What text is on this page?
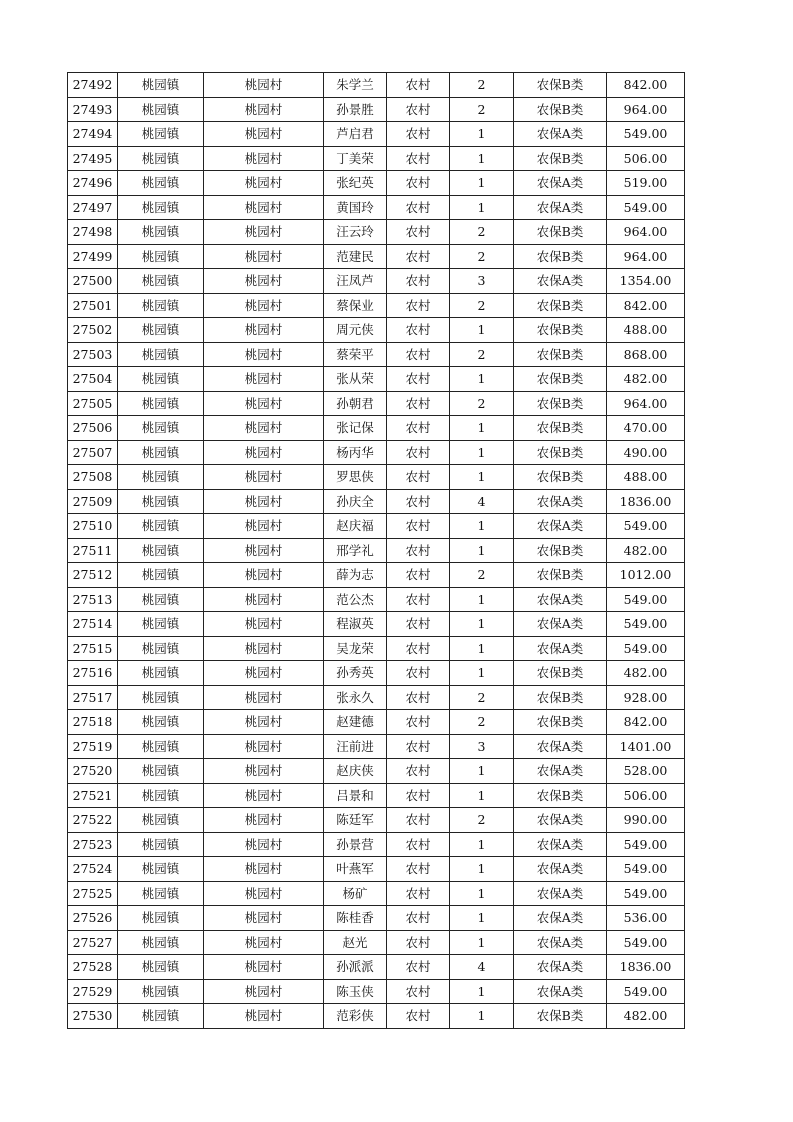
27492	桃园镇	桃园村	朱学兰	农村	2	农保B类	842.00
27493	桃园镇	桃园村	孙景胜	农村	2	农保B类	964.00
27494	桃园镇	桃园村	芦启君	农村	1	农保A类	549.00
27495	桃园镇	桃园村	丁美荣	农村	1	农保B类	506.00
27496	桃园镇	桃园村	张纪英	农村	1	农保A类	519.00
27497	桃园镇	桃园村	黄国玲	农村	1	农保A类	549.00
27498	桃园镇	桃园村	汪云玲	农村	2	农保B类	964.00
27499	桃园镇	桃园村	范建民	农村	2	农保B类	964.00
27500	桃园镇	桃园村	汪凤芦	农村	3	农保A类	1354.00
27501	桃园镇	桃园村	蔡保业	农村	2	农保B类	842.00
27502	桃园镇	桃园村	周元侠	农村	1	农保B类	488.00
27503	桃园镇	桃园村	蔡荣平	农村	2	农保B类	868.00
27504	桃园镇	桃园村	张从荣	农村	1	农保B类	482.00
27505	桃园镇	桃园村	孙朝君	农村	2	农保B类	964.00
27506	桃园镇	桃园村	张记保	农村	1	农保B类	470.00
27507	桃园镇	桃园村	杨丙华	农村	1	农保B类	490.00
27508	桃园镇	桃园村	罗思侠	农村	1	农保B类	488.00
27509	桃园镇	桃园村	孙庆全	农村	4	农保A类	1836.00
27510	桃园镇	桃园村	赵庆福	农村	1	农保A类	549.00
27511	桃园镇	桃园村	邢学礼	农村	1	农保B类	482.00
27512	桃园镇	桃园村	薛为志	农村	2	农保B类	1012.00
27513	桃园镇	桃园村	范公杰	农村	1	农保A类	549.00
27514	桃园镇	桃园村	程淑英	农村	1	农保A类	549.00
27515	桃园镇	桃园村	吴龙荣	农村	1	农保A类	549.00
27516	桃园镇	桃园村	孙秀英	农村	1	农保B类	482.00
27517	桃园镇	桃园村	张永久	农村	2	农保B类	928.00
27518	桃园镇	桃园村	赵建德	农村	2	农保B类	842.00
27519	桃园镇	桃园村	汪前进	农村	3	农保A类	1401.00
27520	桃园镇	桃园村	赵庆侠	农村	1	农保A类	528.00
27521	桃园镇	桃园村	吕景和	农村	1	农保B类	506.00
27522	桃园镇	桃园村	陈廷军	农村	2	农保A类	990.00
27523	桃园镇	桃园村	孙景营	农村	1	农保A类	549.00
27524	桃园镇	桃园村	叶燕军	农村	1	农保A类	549.00
27525	桃园镇	桃园村	杨矿	农村	1	农保A类	549.00
27526	桃园镇	桃园村	陈桂香	农村	1	农保A类	536.00
27527	桃园镇	桃园村	赵光	农村	1	农保A类	549.00
27528	桃园镇	桃园村	孙派派	农村	4	农保A类	1836.00
27529	桃园镇	桃园村	陈玉侠	农村	1	农保A类	549.00
27530	桃园镇	桃园村	范彩侠	农村	1	农保B类	482.00
